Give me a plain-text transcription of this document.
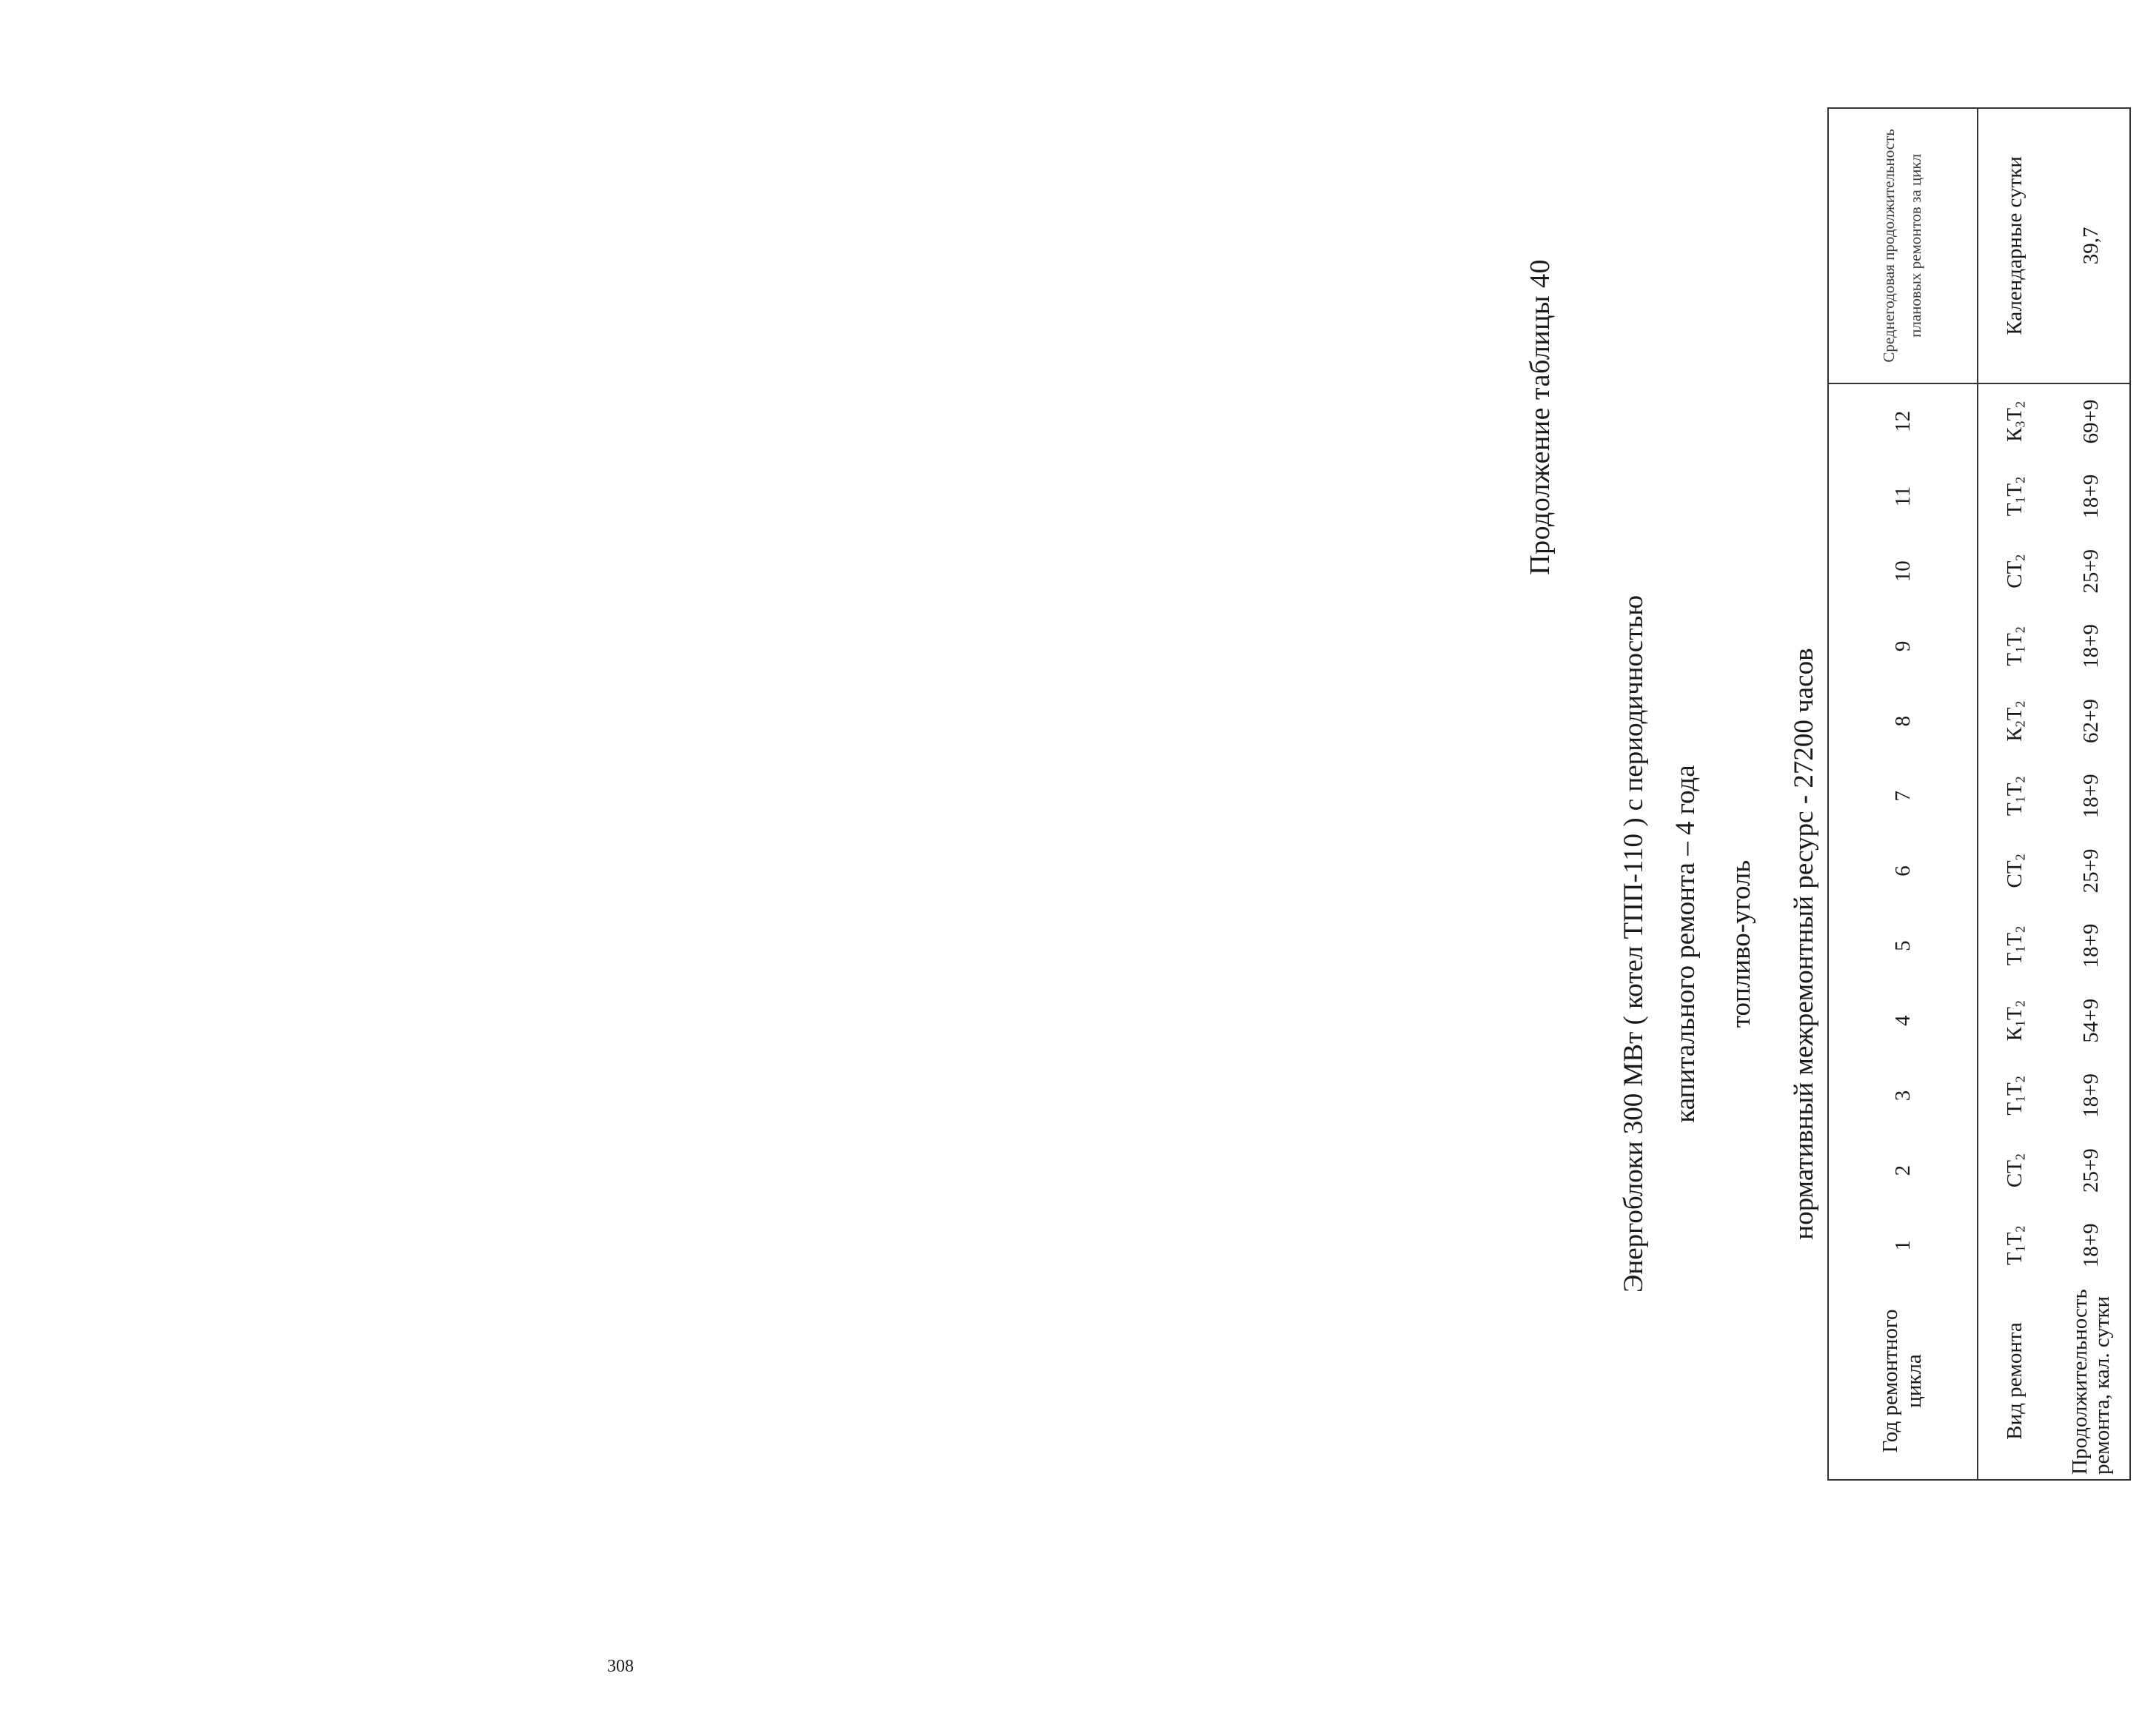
Продолжение таблицы 40
Энергоблоки 300 МВт ( котел ТПП-110 ) с периодичностью капитального ремонта – 4 года топливо-уголь нормативный межремонтный ресурс - 27200 часов
Год ремонтного цикла	1	2	3	4	5	6	7	8	9	10	11	12	Среднегодовая продолжительность плановых ремонтов за цикл
Вид ремонта	$Т_1Т_2$	$СТ_2$	$Т_1Т_2$	$К_1Т_2$	$Т_1Т_2$	$СТ_2$	$Т_1Т_2$	$К_2Т_2$	$Т_1Т_2$	$СТ_2$	$Т_1Т_2$	$К_3Т_2$	Календарные сутки
Продолжительность ремонта, кал. сутки	18+9	25+9	18+9	54+9	18+9	25+9	18+9	62+9	18+9	25+9	18+9	69+9	39,7
308
